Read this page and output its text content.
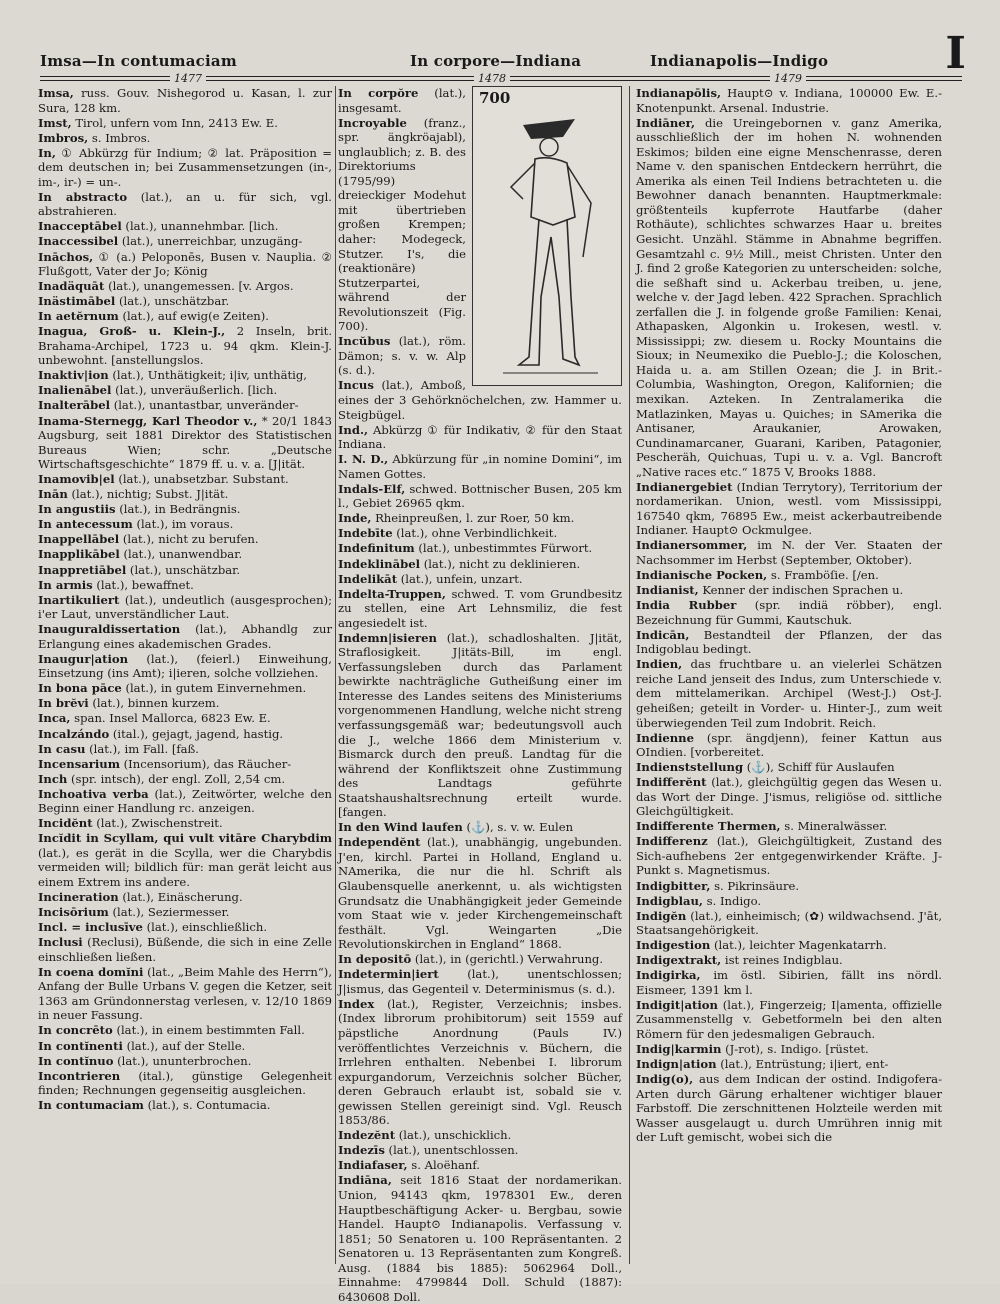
Imsa—In contumaciam	In corpore—Indiana	Indianapolis—Indigo	I
1477	1478	1479
Imsa, russ. Gouv. Nishegorod u. Kasan, l. zur Sura, 128 km.
Imst, Tirol, unfern vom Inn, 2413 Ew. E.
Imbros, s. Imbros.
In, ① Abkürzg für Indium; ② lat. Präposition = dem deutschen in; bei Zusammensetzungen (in-, im-, ir-) = un-.
In abstracto (lat.), an u. für sich, vgl. abstrahieren.
Inacceptābel (lat.), unannehmbar. [lich.
Inaccessibel (lat.), unerreichbar, unzugäng-
Ināchos, ① (a.) Peloponēs, Busen v. Nauplia. ② Flußgott, Vater der Jo; König
Inadäquāt (lat.), unangemessen. [v. Argos.
Inästimābel (lat.), unschätzbar.
In aetĕrnum (lat.), auf ewig(e Zeiten).
Inagua, Groß- u. Klein-J., 2 Inseln, brit. Brahama-Archipel, 1723 u. 94 qkm. Klein-J. unbewohnt. [anstellungslos.
Inaktiv|ion (lat.), Unthätigkeit; i|iv, unthätig,
Inalienābel (lat.), unveräußerlich. [lich.
Inalterābel (lat.), unantastbar, unveränder-
Inama-Sternegg, Karl Theodor v., * 20/1 1843 Augsburg, seit 1881 Direktor des Statistischen Bureaus Wien; schr. „Deutsche Wirtschaftsgeschichte“ 1879 ff. u. v. a. [J|ität.
Inamovib|el (lat.), unabsetzbar. Substant.
Inān (lat.), nichtig; Subst. J|ität.
In angustiis (lat.), in Bedrängnis.
In antecessum (lat.), im voraus.
Inappellābel (lat.), nicht zu berufen.
Inapplikābel (lat.), unanwendbar.
Inappretiābel (lat.), unschätzbar.
In armis (lat.), bewaffnet.
Inartikuliert (lat.), undeutlich (ausgesprochen); i'er Laut, unverständlicher Laut.
Inauguraldissertation (lat.), Abhandlg zur Erlangung eines akademischen Grades.
Inaugur|ation (lat.), (feierl.) Einweihung, Einsetzung (ins Amt); i|ieren, solche vollziehen.
In bona pāce (lat.), in gutem Einvernehmen.
In brĕvi (lat.), binnen kurzem.
Inca, span. Insel Mallorca, 6823 Ew. E.
Incalzándo (ital.), gejagt, jagend, hastig.
In casu (lat.), im Fall. [faß.
Incensarium (Incensorium), das Räucher-
Inch (spr. intsch), der engl. Zoll, 2,54 cm.
Inchoativa verba (lat.), Zeitwörter, welche den Beginn einer Handlung rc. anzeigen.
Incidĕnt (lat.), Zwischenstreit.
Incĭdit in Scyllam, qui vult vitāre Charybdim (lat.), es gerät in die Scylla, wer die Charybdis vermeiden will; bildlich für: man gerät leicht aus einem Extrem ins andere.
Incineration (lat.), Einäscherung.
Incisōrium (lat.), Seziermesser.
Incl. = inclusīve (lat.), einschließlich.
Inclusi (Reclusi), Büßende, die sich in eine Zelle einschließen ließen.
In coena domĭni (lat., „Beim Mahle des Herrn“), Anfang der Bulle Urbans V. gegen die Ketzer, seit 1363 am Gründonnerstag verlesen, v. 12/10 1869 in neuer Fassung.
In concrēto (lat.), in einem bestimmten Fall.
In contĭnenti (lat.), auf der Stelle.
In contĭnuo (lat.), ununterbrochen.
Incontrieren (ital.), günstige Gelegenheit finden; Rechnungen gegenseitig ausgleichen.
In contumaciam (lat.), s. Contumacia.
700
In corpŏre (lat.), insgesamt.
Incroyable (franz., spr. ängkröajabl), unglaublich; z. B. des Direktoriums (1795/99) dreieckiger Modehut mit übertrieben großen Krempen; daher: Modegeck, Stutzer. I's, die (reaktionäre) Stutzerpartei, während der Revolutionszeit (Fig. 700).
Incŭbus (lat.), röm. Dämon; s. v. w. Alp (s. d.).
Incus (lat.), Amboß, eines der 3 Gehörknöchelchen, zw. Hammer u. Steigbügel.
Ind., Abkürzg ① für Indikativ, ② für den Staat Indiana.
I. N. D., Abkürzung für „in nomine Domini“, im Namen Gottes.
Indals-Elf, schwed. Bottnischer Busen, 205 km l., Gebiet 26965 qkm.
Inde, Rheinpreußen, l. zur Roer, 50 km.
Indebīte (lat.), ohne Verbindlichkeit.
Indefinitum (lat.), unbestimmtes Fürwort.
Indeklinābel (lat.), nicht zu deklinieren.
Indelikāt (lat.), unfein, unzart.
Indelta-Truppen, schwed. T. vom Grundbesitz zu stellen, eine Art Lehnsmiliz, die fest angesiedelt ist.
Indemn|isieren (lat.), schadloshalten. J|ität, Straflosigkeit. J|itäts-Bill, im engl. Verfassungsleben durch das Parlament bewirkte nachträgliche Gutheißung einer im Interesse des Landes seitens des Ministeriums vorgenommenen Handlung, welche nicht streng verfassungsgemäß war; bedeutungsvoll auch die J., welche 1866 dem Ministerium v. Bismarck durch den preuß. Landtag für die während der Konfliktszeit ohne Zustimmung des Landtags geführte Staatshaushaltsrechnung erteilt wurde. [fangen.
In den Wind laufen (⚓), s. v. w. Eulen
Independĕnt (lat.), unabhängig, ungebunden. J'en, kirchl. Partei in Holland, England u. NAmerika, die nur die hl. Schrift als Glaubensquelle anerkennt, u. als wichtigsten Grundsatz die Unabhängigkeit jeder Gemeinde vom Staat wie v. jeder Kirchengemeinschaft festhält. Vgl. Weingarten „Die Revolutionskirchen in England“ 1868.
In depositō (lat.), in (gerichtl.) Verwahrung.
Indetermin|iert (lat.), unentschlossen; J|ismus, das Gegenteil v. Determinismus (s. d.).
Index (lat.), Register, Verzeichnis; insbes. (Index librorum prohibitorum) seit 1559 auf päpstliche Anordnung (Pauls IV.) veröffentlichtes Verzeichnis v. Büchern, die Irrlehren enthalten. Nebenbei I. librorum expurgandorum, Verzeichnis solcher Bücher, deren Gebrauch erlaubt ist, sobald sie v. gewissen Stellen gereinigt sind. Vgl. Reusch 1853/86.
Indezĕnt (lat.), unschicklich.
Indezīs (lat.), unentschlossen.
Indiafaser, s. Aloëhanf.
Indiāna, seit 1816 Staat der nordamerikan. Union, 94143 qkm, 1978301 Ew., deren Hauptbeschäftigung Acker- u. Bergbau, sowie Handel. Haupt⊙ Indianapolis. Verfassung v. 1851; 50 Senatoren u. 100 Repräsentanten. 2 Senatoren u. 13 Repräsentanten zum Kongreß. Ausg. (1884 bis 1885): 5062964 Doll., Einnahme: 4799844 Doll. Schuld (1887): 6430608 Doll.
Indianapōlis, Haupt⊙ v. Indiana, 100000 Ew. E.-Knotenpunkt. Arsenal. Industrie.
Indiāner, die Ureingebornen v. ganz Amerika, ausschließlich der im hohen N. wohnenden Eskimos; bilden eine eigne Menschenrasse, deren Name v. den spanischen Entdeckern herrührt, die Amerika als einen Teil Indiens betrachteten u. die Bewohner danach benannten. Hauptmerkmale: größtenteils kupferrote Hautfarbe (daher Rothäute), schlichtes schwarzes Haar u. breites Gesicht. Unzähl. Stämme in Abnahme begriffen. Gesamtzahl c. 9½ Mill., meist Christen. Unter den J. find 2 große Kategorien zu unterscheiden: solche, die seßhaft sind u. Ackerbau treiben, u. jene, welche v. der Jagd leben. 422 Sprachen. Sprachlich zerfallen die J. in folgende große Familien: Kenai, Athapasken, Algonkin u. Irokesen, westl. v. Mississippi; zw. diesem u. Rocky Mountains die Sioux; in Neumexiko die Pueblo-J.; die Koloschen, Haida u. a. am Stillen Ozean; die J. in Brit.-Columbia, Washington, Oregon, Kalifornien; die mexikan. Azteken. In Zentralamerika die Matlazinken, Mayas u. Quiches; in SAmerika die Antisaner, Araukanier, Arowaken, Cundinamarcaner, Guarani, Kariben, Patagonier, Pescheräh, Quichuas, Tupi u. v. a. Vgl. Bancroft „Native races etc.“ 1875 V, Brooks 1888.
Indianergebiet (Indian Terrytory), Territorium der nordamerikan. Union, westl. vom Mississippi, 167540 qkm, 76895 Ew., meist ackerbautreibende Indianer. Haupt⊙ Ockmulgee.
Indianersommer, im N. der Ver. Staaten der Nachsommer im Herbst (September, Oktober).
Indianische Pocken, s. Framböſie. [/en.
Indianist, Kenner der indischen Sprachen u.
India Rubber (spr. indiä röbber), engl. Bezeichnung für Gummi, Kautschuk.
Indicān, Bestandteil der Pflanzen, der das Indigoblau bedingt.
Indien, das fruchtbare u. an vielerlei Schätzen reiche Land jenseit des Indus, zum Unterschiede v. dem mittelamerikan. Archipel (West-J.) Ost-J. geheißen; geteilt in Vorder- u. Hinter-J., zum weit überwiegenden Teil zum Indobrit. Reich.
Indienne (spr. ängdjenn), feiner Kattun aus OIndien. [vorbereitet.
Indienststellung (⚓), Schiff für Auslaufen
Indifferĕnt (lat.), gleichgültig gegen das Wesen u. das Wort der Dinge. J'ismus, religiöse od. sittliche Gleichgültigkeit.
Indifferente Thermen, s. Mineralwässer.
Indifferenz (lat.), Gleichgültigkeit, Zustand des Sich-aufhebens 2er entgegenwirkender Kräfte. J-Punkt s. Magnetismus.
Indigbitter, s. Pikrinsäure.
Indigblau, s. Indigo.
Indigĕn (lat.), einheimisch; (✿) wildwachsend. J'āt, Staatsangehörigkeit.
Indigestion (lat.), leichter Magenkatarrh.
Indigextrakt, ist reines Indigblau.
Indigirka, im östl. Sibirien, fällt ins nördl. Eismeer, 1391 km l.
Indigit|ation (lat.), Fingerzeig; I|amenta, offizielle Zusammenstellg v. Gebetformeln bei den alten Römern für den jedesmaligen Gebrauch.
Indig|karmin (J-rot), s. Indigo. [rüstet.
Indign|ation (lat.), Entrüstung; i|iert, ent-
Indig(o), aus dem Indican der ostind. Indigofera-Arten durch Gärung erhaltener wichtiger blauer Farbstoff. Die zerschnittenen Holzteile werden mit Wasser ausgelaugt u. durch Umrühren innig mit der Luft gemischt, wobei sich die
